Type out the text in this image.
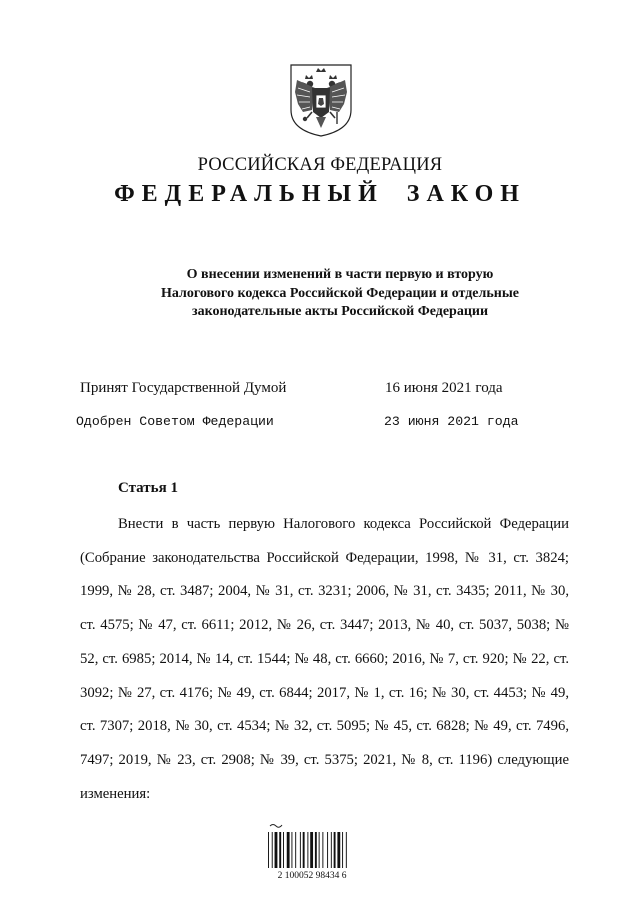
РОССИЙСКАЯ ФЕДЕРАЦИЯ
ФЕДЕРАЛЬНЫЙ ЗАКОН
О внесении изменений в части первую и вторую
Налогового кодекса Российской Федерации и отдельные
законодательные акты Российской Федерации
Принят Государственной Думой	16 июня 2021 года
Одобрен Советом Федерации	23 июня 2021 года
Статья 1
Внести в часть первую Налогового кодекса Российской Федерации (Собрание законодательства Российской Федерации, 1998, № 31, ст. 3824; 1999, № 28, ст. 3487; 2004, № 31, ст. 3231; 2006, № 31, ст. 3435; 2011, № 30, ст. 4575; № 47, ст. 6611; 2012, № 26, ст. 3447; 2013, № 40, ст. 5037, 5038; № 52, ст. 6985; 2014, № 14, ст. 1544; № 48, ст. 6660; 2016, № 7, ст. 920; № 22, ст. 3092; № 27, ст. 4176; № 49, ст. 6844; 2017, № 1, ст. 16; № 30, ст. 4453; № 49, ст. 7307; 2018, № 30, ст. 4534; № 32, ст. 5095; № 45, ст. 6828; № 49, ст. 7496, 7497; 2019, № 23, ст. 2908; № 39, ст. 5375; 2021, № 8, ст. 1196) следующие изменения:
2 100052 98434 6
